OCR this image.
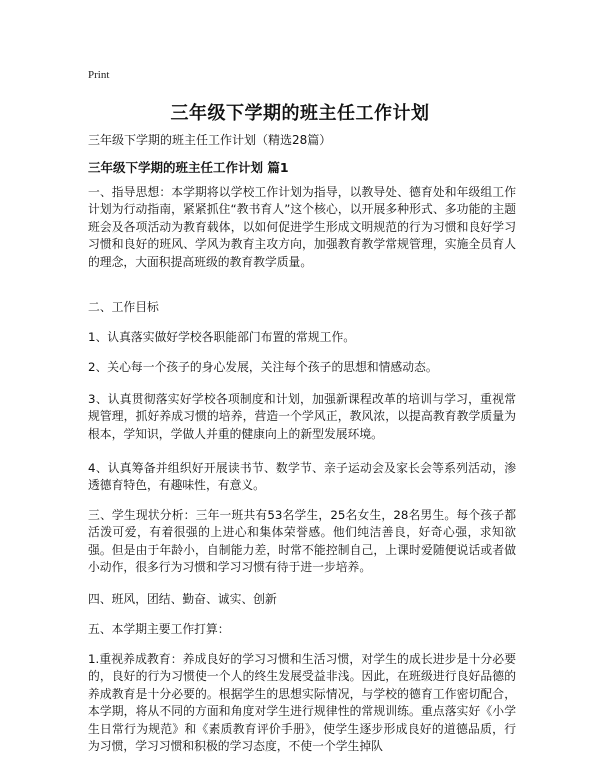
Print
三年级下学期的班主任工作计划
三年级下学期的班主任工作计划（精选28篇）
三年级下学期的班主任工作计划 篇1

一、指导思想：本学期将以学校工作计划为指导，以教导处、德育处和年级组工作计划为行动指南，紧紧抓住“教书育人”这个核心，以开展多种形式、多功能的主题班会及各项活动为教育载体，以如何促进学生形成文明规范的行为习惯和良好学习习惯和良好的班风、学风为教育主攻方向，加强教育教学常规管理，实施全员育人的理念，大面积提高班级的教育教学质量。

二、工作目标

1、认真落实做好学校各职能部门布置的常规工作。

2、关心每一个孩子的身心发展，关注每个孩子的思想和情感动态。

3、认真贯彻落实好学校各项制度和计划，加强新课程改革的培训与学习，重视常规管理，抓好养成习惯的培养，营造一个学风正，教风浓，以提高教育教学质量为根本，学知识，学做人并重的健康向上的新型发展环境。

4、认真筹备并组织好开展读书节、数学节、亲子运动会及家长会等系列活动，渗透德育特色，有趣味性，有意义。

三、学生现状分析：三年一班共有53名学生，25名女生，28名男生。每个孩子都活泼可爱，有着很强的上进心和集体荣誉感。他们纯洁善良，好奇心强，求知欲强。但是由于年龄小，自制能力差，时常不能控制自己，上课时爱随便说话或者做小动作，很多行为习惯和学习习惯有待于进一步培养。

四、班风，团结、勤奋、诚实、创新

五、本学期主要工作打算：

1.重视养成教育：养成良好的学习习惯和生活习惯，对学生的成长进步是十分必要的，良好的行为习惯使一个人的终生发展受益非浅。因此，在班级进行良好品德的养成教育是十分必要的。根据学生的思想实际情况，与学校的德育工作密切配合，本学期，将从不同的方面和角度对学生进行规律性的常规训练。重点落实好《小学生日常行为规范》和《素质教育评价手册》，使学生逐步形成良好的道德品质，行为习惯，学习习惯和积极的学习态度，不使一个学生掉队
